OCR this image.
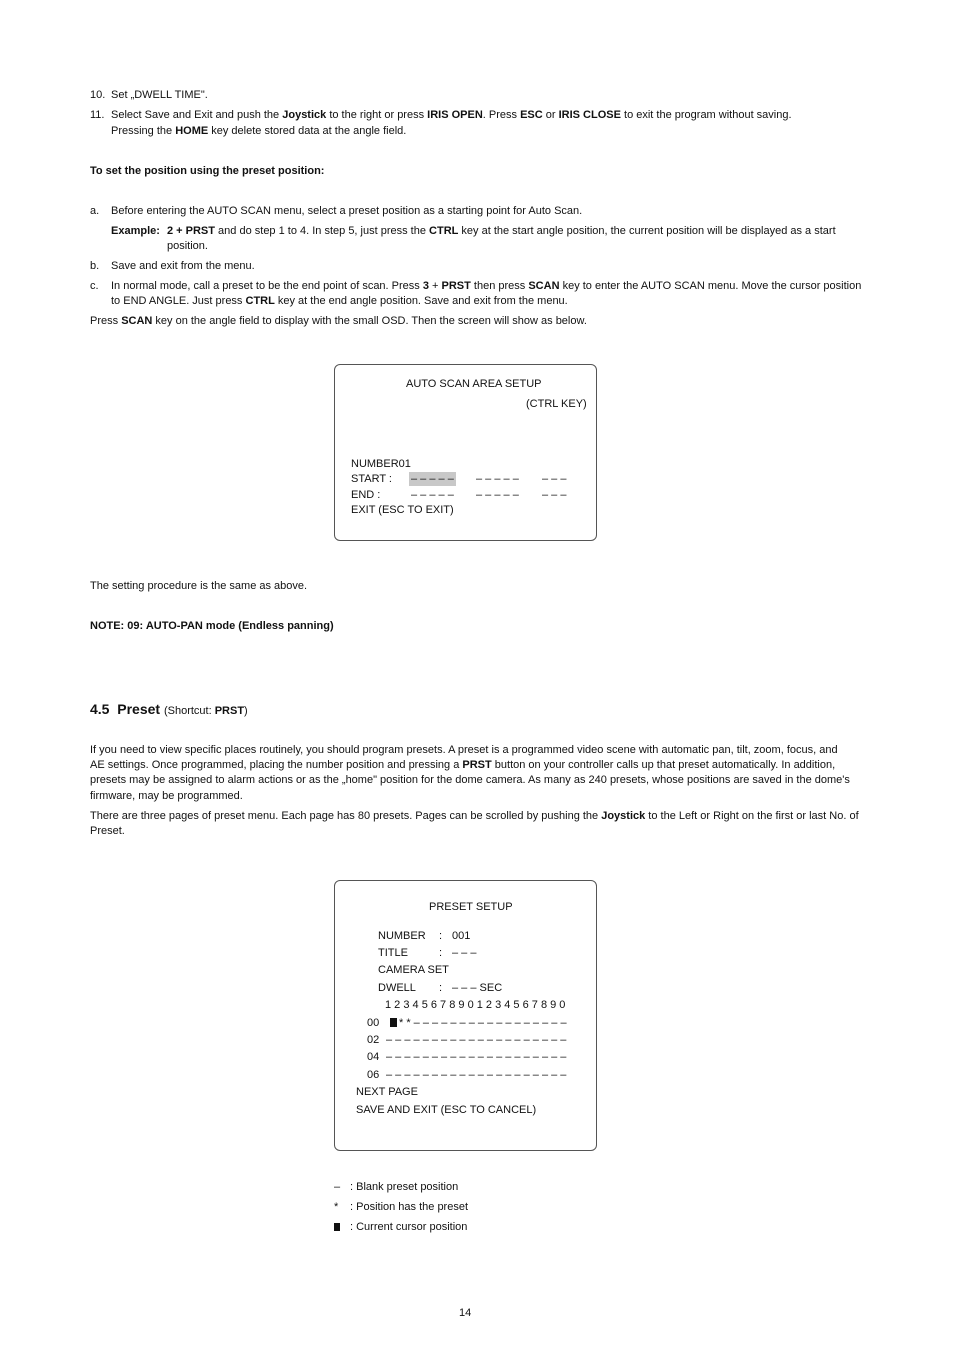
10. Set „DWELL TIME".
11. Select Save and Exit and push the Joystick to the right or press IRIS OPEN. Press ESC or IRIS CLOSE to exit the program without saving.
Pressing the HOME key delete stored data at the angle field.
To set the position using the preset position:
a. Before entering the AUTO SCAN menu, select a preset position as a starting point for Auto Scan.
Example: 2 + PRST and do step 1 to 4. In step 5, just press the CTRL key at the start angle position, the current position will be displayed as a start
position.
b. Save and exit from the menu.
c. In normal mode, call a preset to be the end point of scan. Press 3 + PRST then press SCAN key to enter the AUTO SCAN menu. Move the cursor position
to END ANGLE. Just press CTRL key at the end angle position. Save and exit from the menu.
Press SCAN key on the angle field to display with the small OSD. Then the screen will show as below.
AUTO SCAN AREA SETUP
(CTRL KEY)
NUMBER01
START : – – – – – – – – – – – – –
END :	– – – – – – – – – – – – –
EXIT (ESC TO EXIT)
The setting procedure is the same as above.
NOTE: 09: AUTO-PAN mode (Endless panning)
4.5 Preset (Shortcut: PRST)
If you need to view specific places routinely, you should program presets. A preset is a programmed video scene with automatic pan, tilt, zoom, focus, and
AE settings. Once programmed, placing the number position and pressing a PRST button on your controller calls up that preset automatically. In addition,
presets may be assigned to alarm actions or as the „home" position for the dome camera. As many as 240 presets, whose positions are saved in the dome's
firmware, may be programmed.
There are three pages of preset menu. Each page has 80 presets. Pages can be scrolled by pushing the Joystick to the Left or Right on the first or last No. of
Preset.
PRESET SETUP
NUMBER : 001
TITLE	: – – –
CAMERA SET
DWELL : – – – SEC
1 2 3 4 5 6 7 8 9 0 1 2 3 4 5 6 7 8 9 0
00	* * – – – – – – – – – – – – – – – – –
02 – – – – – – – – – – – – – – – – – – – –
04 – – – – – – – – – – – – – – – – – – – –
06 – – – – – – – – – – – – – – – – – – – –
NEXT PAGE
SAVE AND EXIT (ESC TO CANCEL)
– : Blank preset position
* : Position has the preset
: Current cursor position
14
